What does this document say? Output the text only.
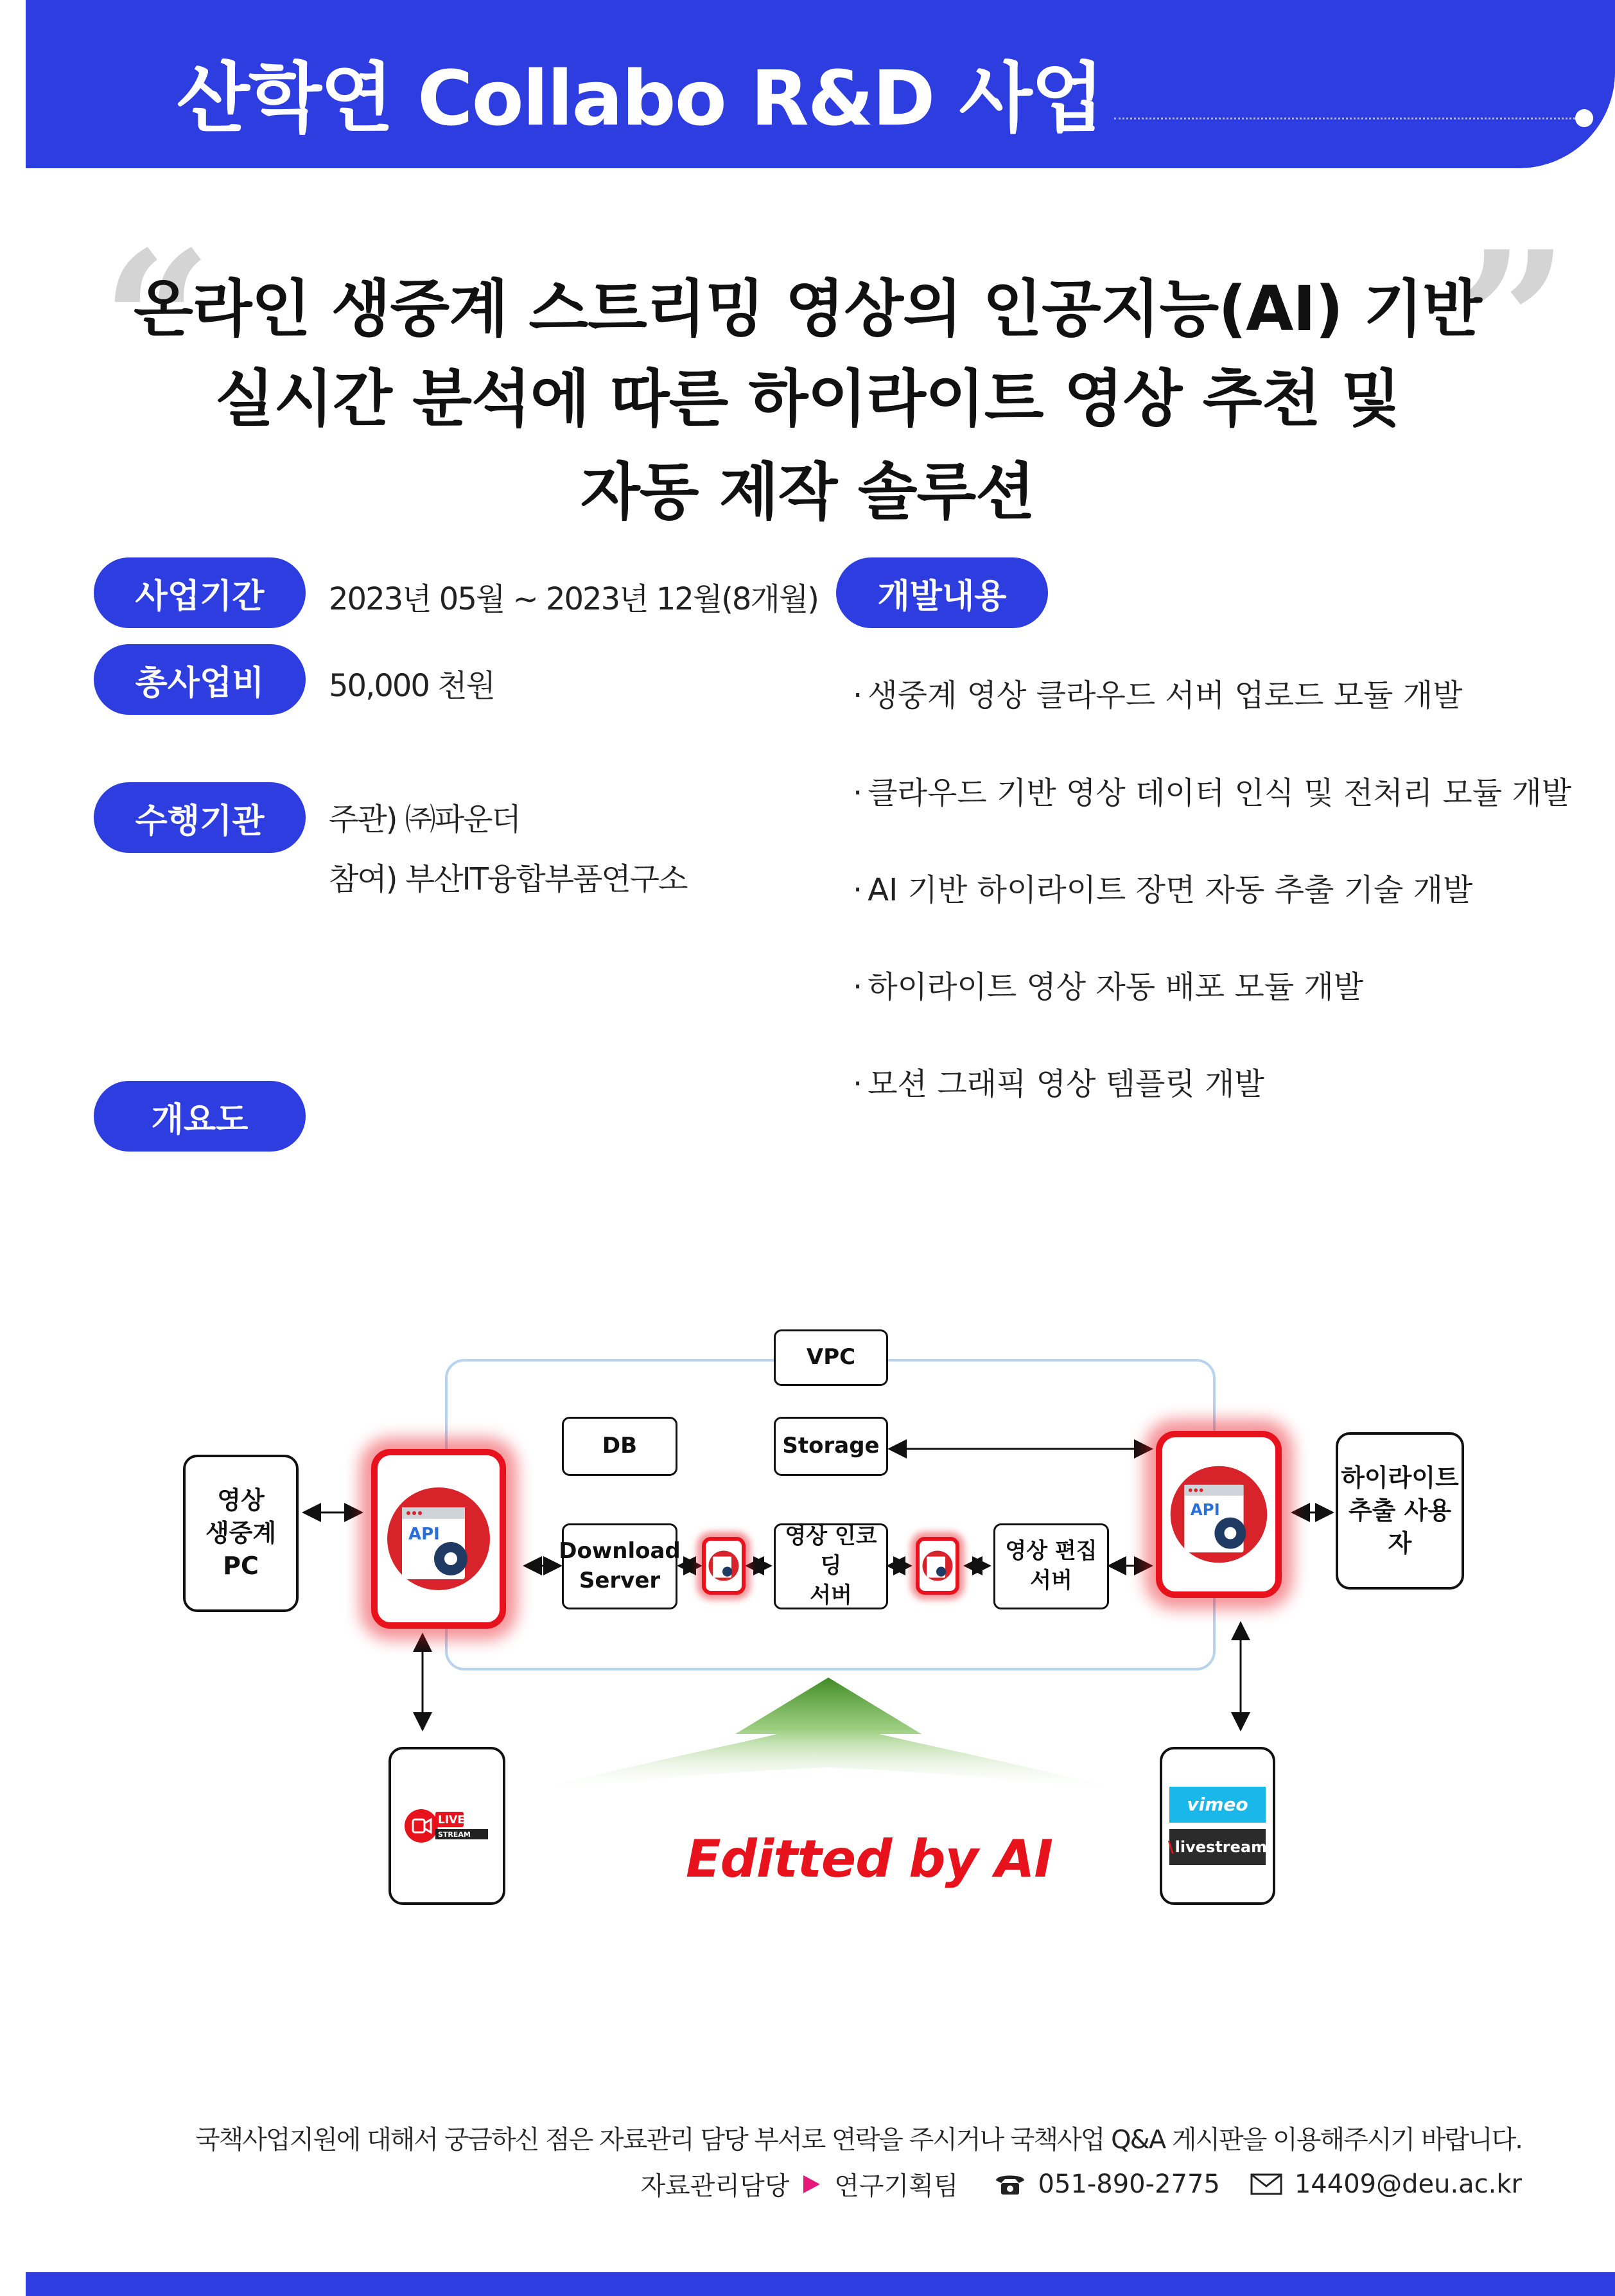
산학연 Collabo R&D 사업
“	”
온라인 생중계 스트리밍 영상의 인공지능(AI) 기반
실시간 분석에 따른 하이라이트 영상 추천 및
자동 제작 솔루션
사업기간	2023년 05월 ~ 2023년 12월(8개월)
총사업비	50,000 천원
수행기관	주관) ㈜파운더
참여) 부산IT융합부품연구소
개요도
개발내용
· 생중계 영상 클라우드 서버 업로드 모듈 개발
· 클라우드 기반 영상 데이터 인식 및 전처리 모듈 개발
· AI 기반 하이라이트 장면 자동 추출 기술 개발
· 하이라이트 영상 자동 배포 모듈 개발
· 모션 그래픽 영상 템플릿 개발
VPC
DB	Storage
Download
Server
영상 인코딩
서버
영상 편집
서버
영상
생중계
PC
하이라이트
추출 사용자
API
API
LIVE
STREAM
vimeo
\ livestream
Editted by AI
국책사업지원에 대해서 궁금하신 점은 자료관리 담당 부서로 연락을 주시거나 국책사업 Q&A 게시판을 이용해주시기 바랍니다.
자료관리담당 연구기획팀	051-890-2775	14409@deu.ac.kr
